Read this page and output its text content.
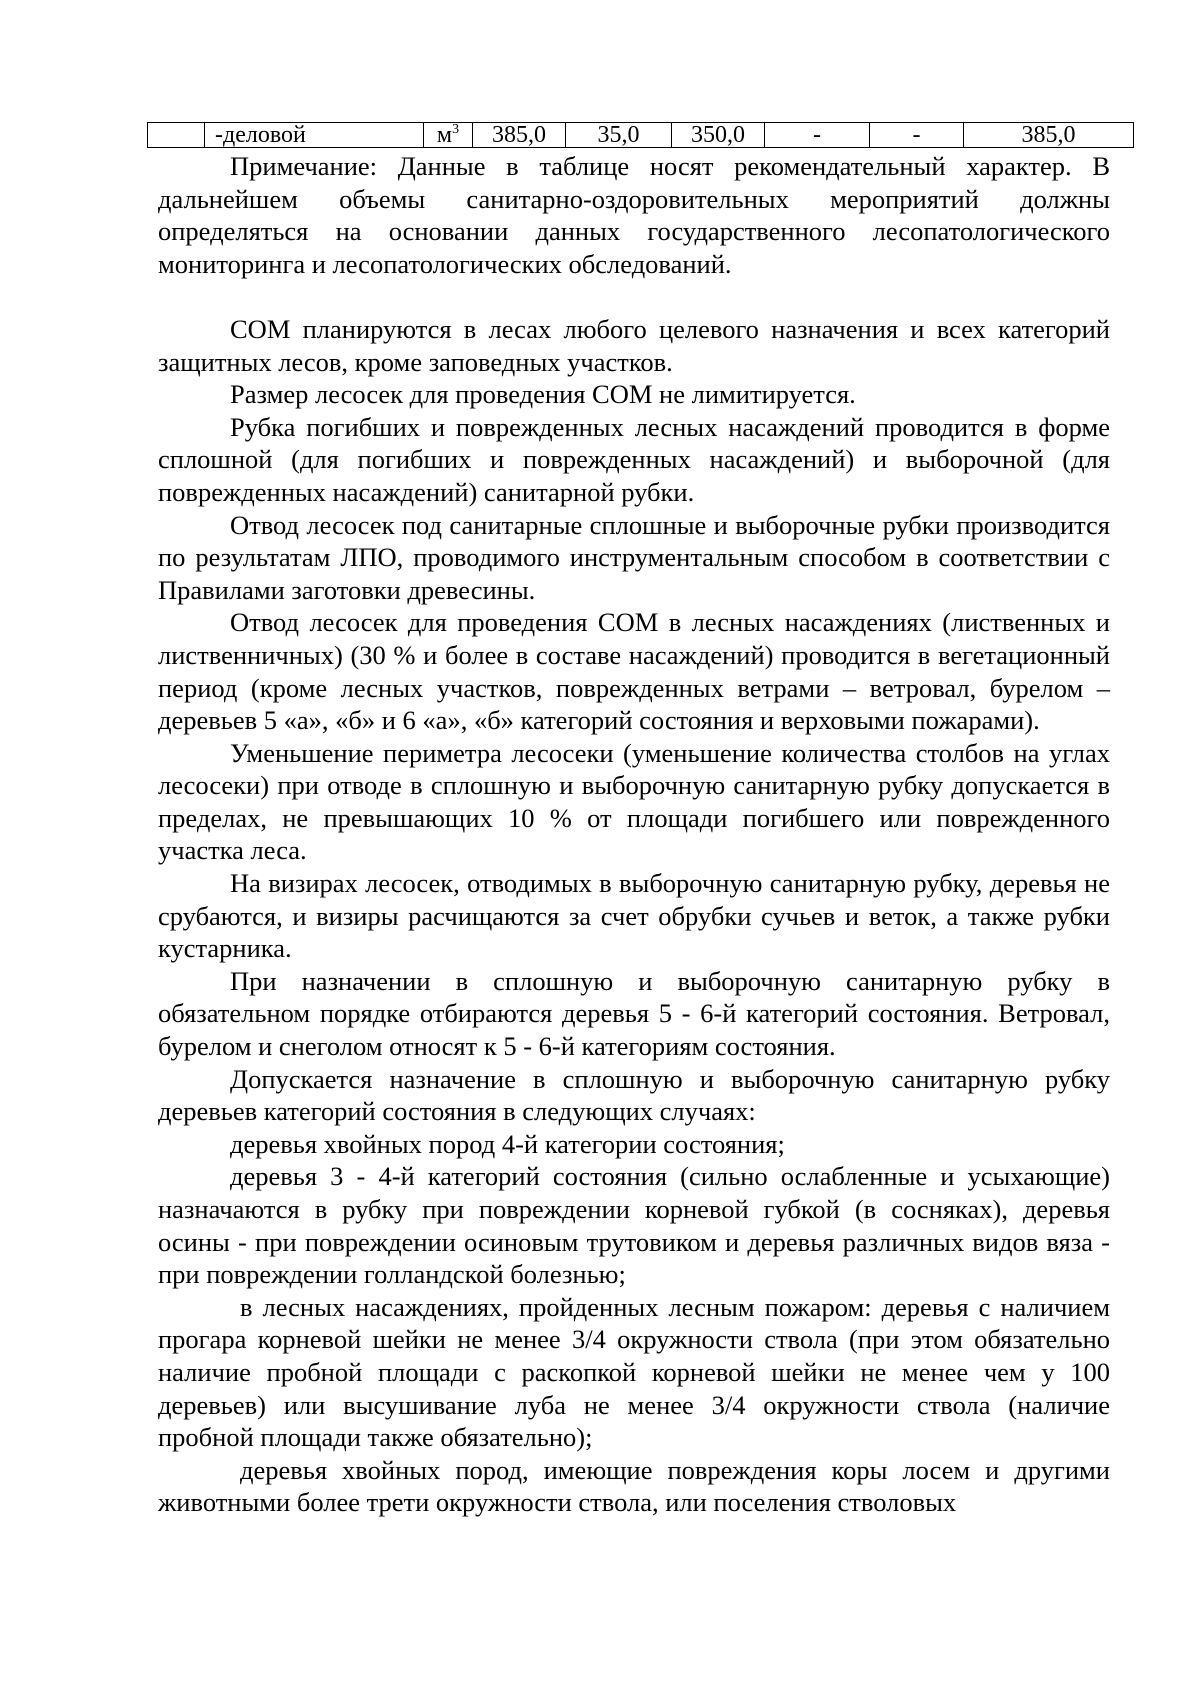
	-деловой	$м^3$	385,0	35,0	350,0	-	-	385,0

Примечание: Данные в таблице носят рекомендательный характер. В дальнейшем объемы санитарно-оздоровительных мероприятий должны определяться на основании данных государственного лесопатологического мониторинга и лесопатологических обследований.

СОМ планируются в лесах любого целевого назначения и всех категорий защитных лесов, кроме заповедных участков.

Размер лесосек для проведения СОМ не лимитируется.

Рубка погибших и поврежденных лесных насаждений проводится в форме сплошной (для погибших и поврежденных насаждений) и выборочной (для поврежденных насаждений) санитарной рубки.

Отвод лесосек под санитарные сплошные и выборочные рубки производится по результатам ЛПО, проводимого инструментальным способом в соответствии с Правилами заготовки древесины.

Отвод лесосек для проведения СОМ в лесных насаждениях (лиственных и лиственничных) (30 % и более в составе насаждений) проводится в вегетационный период (кроме лесных участков, поврежденных ветрами – ветровал, бурелом – деревьев 5 «а», «б» и 6 «а», «б» категорий состояния и верховыми пожарами).

Уменьшение периметра лесосеки (уменьшение количества столбов на углах лесосеки) при отводе в сплошную и выборочную санитарную рубку допускается в пределах, не превышающих 10 % от площади погибшего или поврежденного участка леса.

На визирах лесосек, отводимых в выборочную санитарную рубку, деревья не срубаются, и визиры расчищаются за счет обрубки сучьев и веток, а также рубки кустарника.

При назначении в сплошную и выборочную санитарную рубку в обязательном порядке отбираются деревья 5 - 6-й категорий состояния. Ветровал, бурелом и снеголом относят к 5 - 6-й категориям состояния.

Допускается назначение в сплошную и выборочную санитарную рубку деревьев категорий состояния в следующих случаях:

деревья хвойных пород 4-й категории состояния;

деревья 3 - 4-й категорий состояния (сильно ослабленные и усыхающие) назначаются в рубку при повреждении корневой губкой (в сосняках), деревья осины - при повреждении осиновым трутовиком и деревья различных видов вяза - при повреждении голландской болезнью;

в лесных насаждениях, пройденных лесным пожаром: деревья с наличием прогара корневой шейки не менее 3/4 окружности ствола (при этом обязательно наличие пробной площади с раскопкой корневой шейки не менее чем у 100 деревьев) или высушивание луба не менее 3/4 окружности ствола (наличие пробной площади также обязательно);

деревья хвойных пород, имеющие повреждения коры лосем и другими животными более трети окружности ствола, или поселения стволовых
